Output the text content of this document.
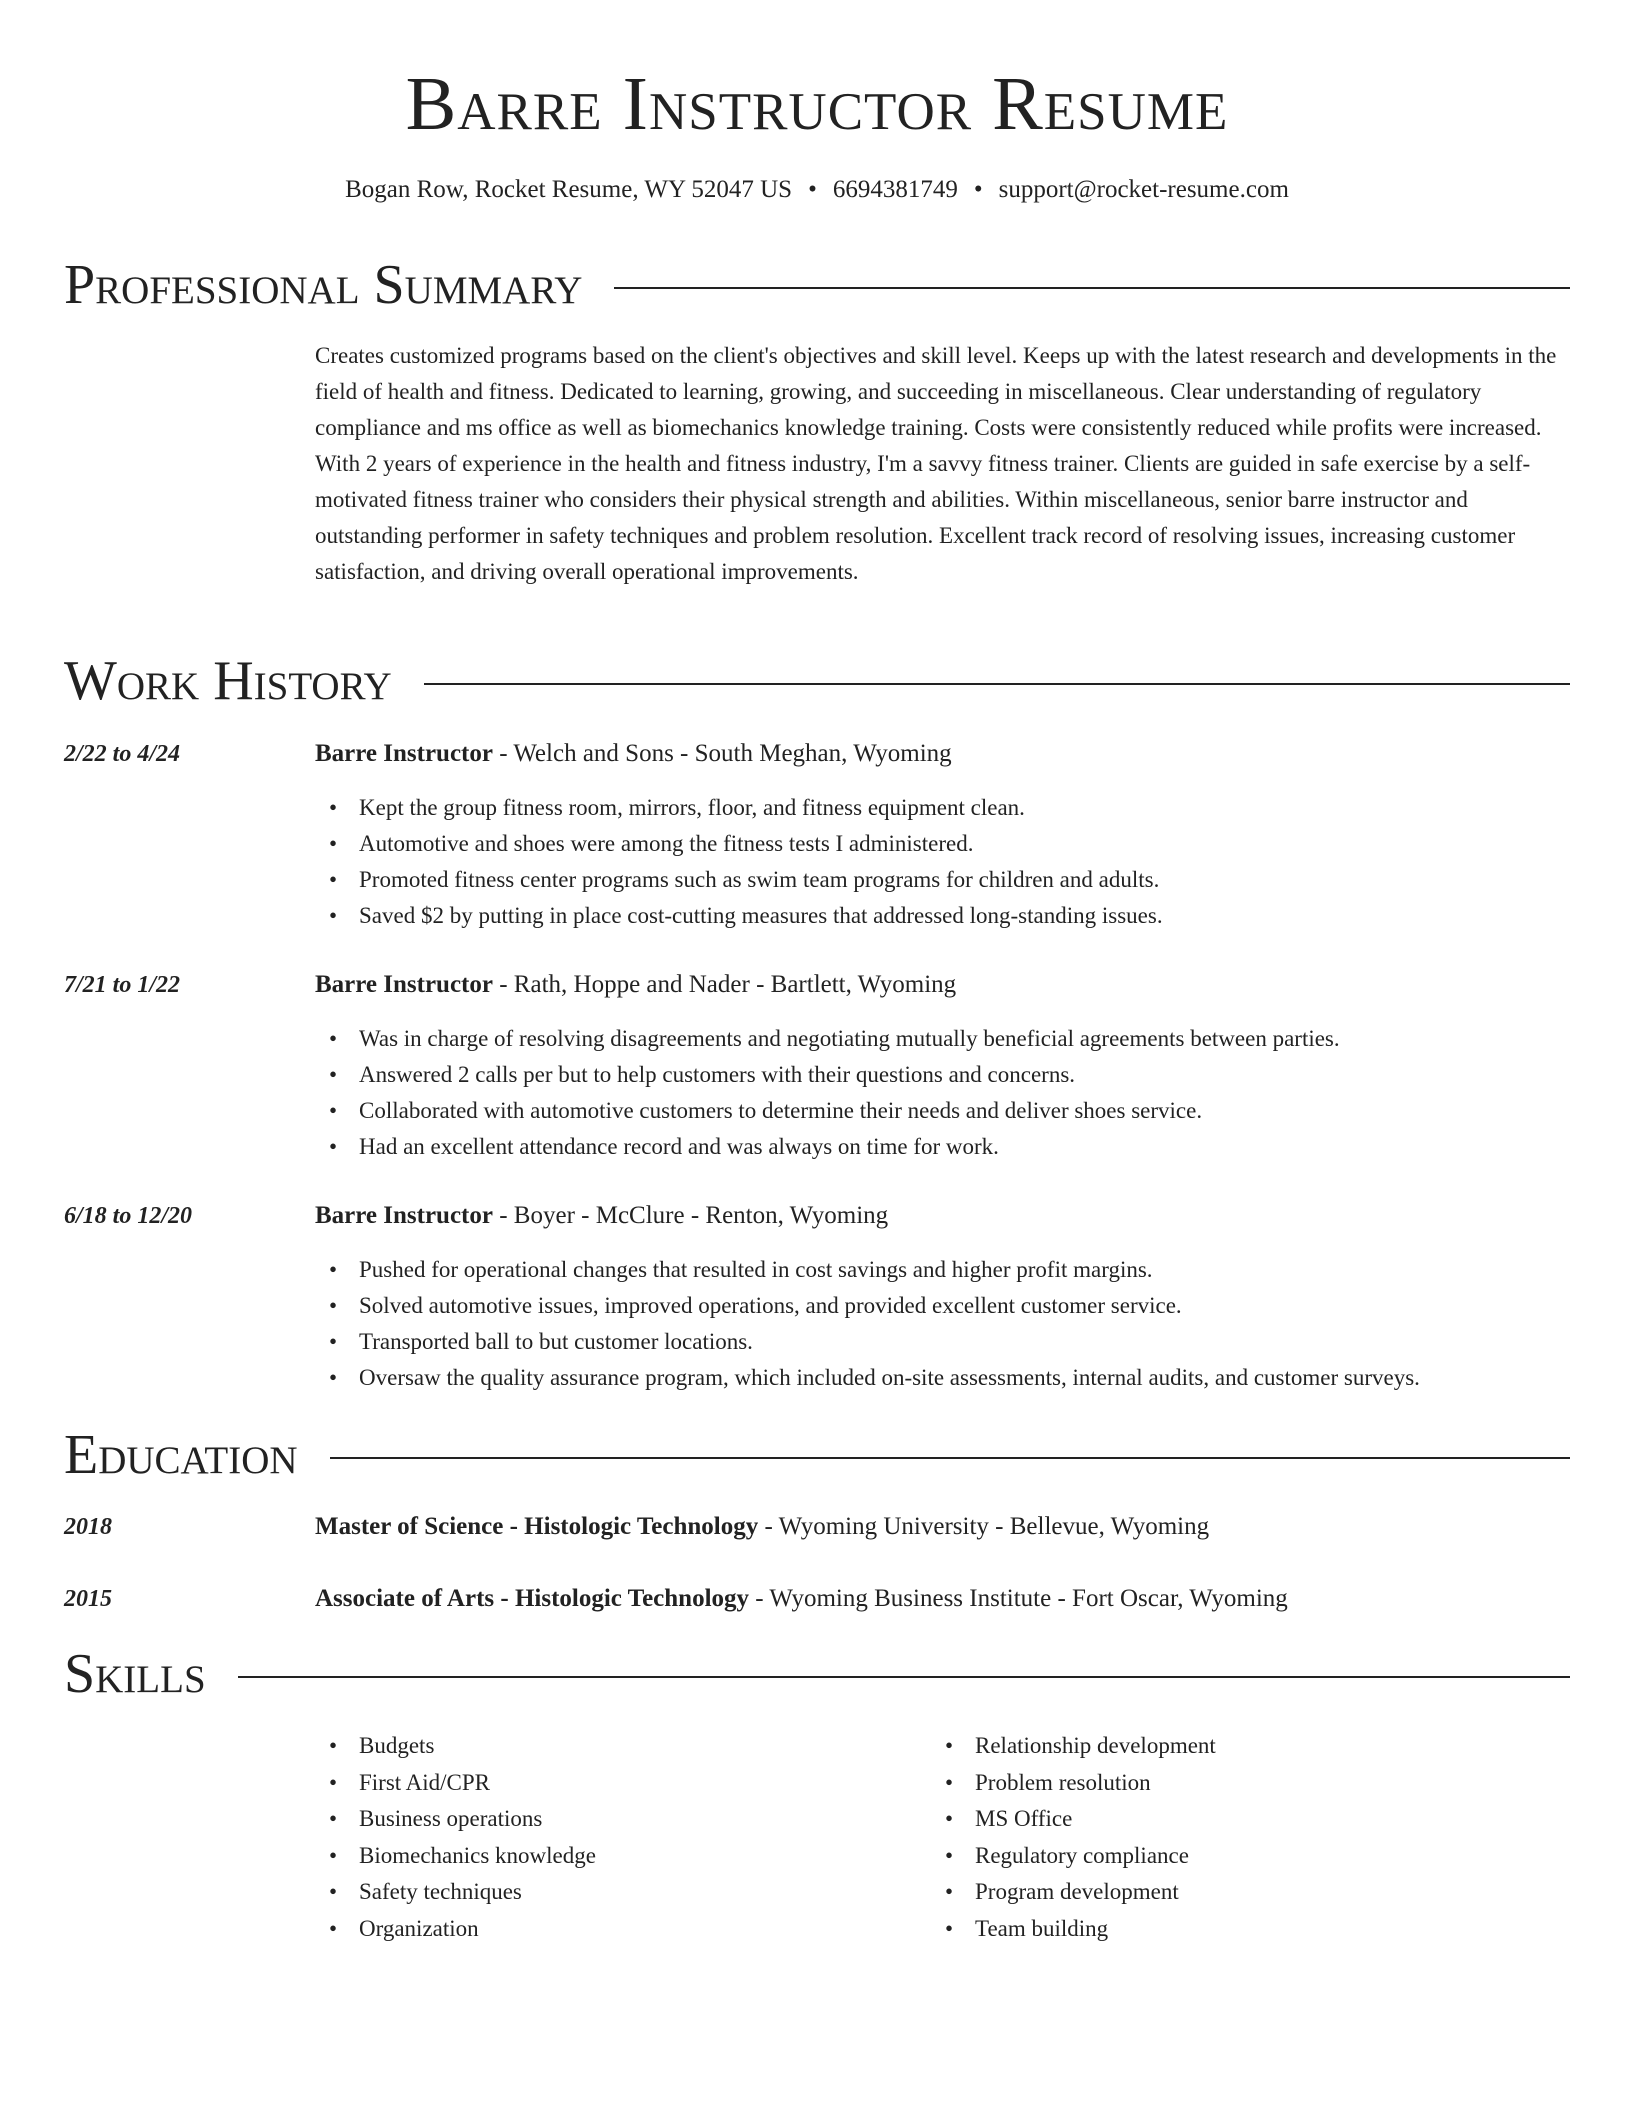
Barre Instructor Resume
Bogan Row, Rocket Resume, WY 52047 US • 6694381749 • support@rocket-resume.com
Professional Summary

Creates customized programs based on the client's objectives and skill level. Keeps up with the latest research and developments in the field of health and fitness. Dedicated to learning, growing, and succeeding in miscellaneous. Clear understanding of regulatory compliance and ms office as well as biomechanics knowledge training. Costs were consistently reduced while profits were increased. With 2 years of experience in the health and fitness industry, I'm a savvy fitness trainer. Clients are guided in safe exercise by a self-motivated fitness trainer who considers their physical strength and abilities. Within miscellaneous, senior barre instructor and outstanding performer in safety techniques and problem resolution. Excellent track record of resolving issues, increasing customer satisfaction, and driving overall operational improvements.

Work History
2/22 to 4/24	Barre Instructor - Welch and Sons - South Meghan, Wyoming
• Kept the group fitness room, mirrors, floor, and fitness equipment clean.
• Automotive and shoes were among the fitness tests I administered.
• Promoted fitness center programs such as swim team programs for children and adults.
• Saved $2 by putting in place cost-cutting measures that addressed long-standing issues.
7/21 to 1/22	Barre Instructor - Rath, Hoppe and Nader - Bartlett, Wyoming
• Was in charge of resolving disagreements and negotiating mutually beneficial agreements between parties.
• Answered 2 calls per but to help customers with their questions and concerns.
• Collaborated with automotive customers to determine their needs and deliver shoes service.
• Had an excellent attendance record and was always on time for work.
6/18 to 12/20	Barre Instructor - Boyer - McClure - Renton, Wyoming
• Pushed for operational changes that resulted in cost savings and higher profit margins.
• Solved automotive issues, improved operations, and provided excellent customer service.
• Transported ball to but customer locations.
• Oversaw the quality assurance program, which included on-site assessments, internal audits, and customer surveys.
Education
2018	Master of Science - Histologic Technology - Wyoming University - Bellevue, Wyoming
2015	Associate of Arts - Histologic Technology - Wyoming Business Institute - Fort Oscar, Wyoming
Skills
• Budgets
• First Aid/CPR
• Business operations
• Biomechanics knowledge
• Safety techniques
• Organization
• Relationship development
• Problem resolution
• MS Office
• Regulatory compliance
• Program development
• Team building
